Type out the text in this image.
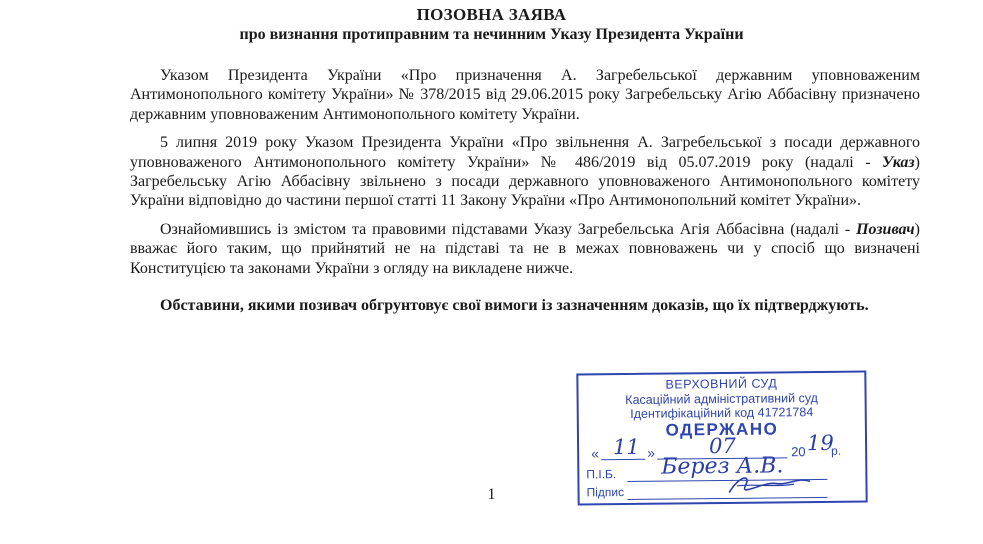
ПОЗОВНА ЗАЯВА
про визнання протиправним та нечинним Указу Президента України

Указом Президента України «Про призначення А. Загребельської державним уповноваженим Антимонопольного комітету України» № 378/2015 від 29.06.2015 року Загребельську Агію Аббасівну призначено державним уповноваженим Антимонопольного комітету України.

5 липня 2019 року Указом Президента України «Про звільнення А. Загребельської з посади державного уповноваженого Антимонопольного комітету України» № 486/2019 від 05.07.2019 року (надалі - Указ) Загребельську Агію Аббасівну звільнено з посади державного уповноваженого Антимонопольного комітету України відповідно до частини першої статті 11 Закону України «Про Антимонопольний комітет України».

Ознайомившись із змістом та правовими підставами Указу Загребельська Агія Аббасівна (надалі - Позивач) вважає його таким, що прийнятий не на підставі та не в межах повноважень чи у спосіб що визначені Конституцією та законами України з огляду на викладене нижче.

Обставини, якими позивач обгрунтовує свої вимоги із зазначенням доказів, що їх підтверджують.

1
ВЕРХОВНИЙ СУД
Касаційний адміністративний суд
Ідентифікаційний код 41721784
ОДЕРЖАНО
« 11 »	07	20 19
р.
П.І.Б. Берез А.В.
Підпис
